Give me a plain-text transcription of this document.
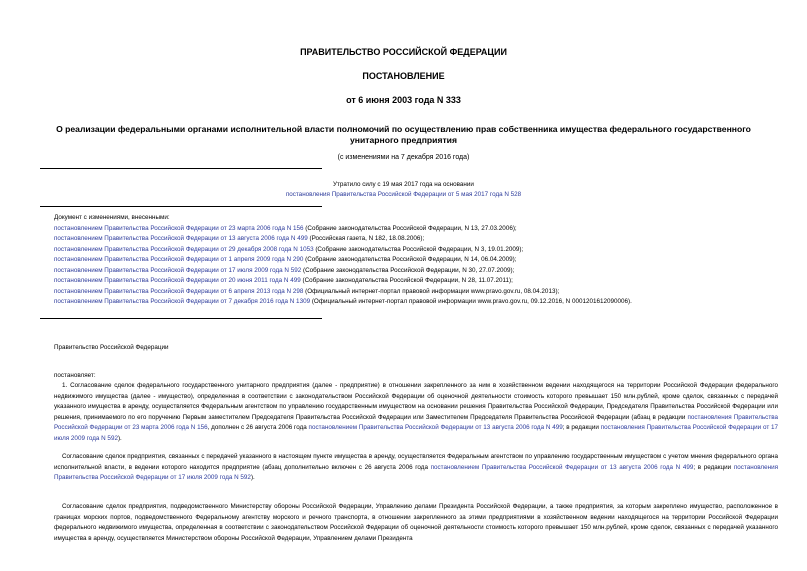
ПРАВИТЕЛЬСТВО РОССИЙСКОЙ ФЕДЕРАЦИИ
ПОСТАНОВЛЕНИЕ
от 6 июня 2003 года N 333
О реализации федеральными органами исполнительной власти полномочий по осуществлению прав собственника имущества федерального государственного унитарного предприятия
(с изменениями на 7 декабря 2016 года)
Утратило силу с 19 мая 2017 года на основании
постановления Правительства Российской Федерации от 5 мая 2017 года N 528
Документ с изменениями, внесенными:
постановлением Правительства Российской Федерации от 23 марта 2006 года N 156 (Собрание законодательства Российской Федерации, N 13, 27.03.2006);
постановлением Правительства Российской Федерации от 13 августа 2006 года N 499 (Российская газета, N 182, 18.08.2006);
постановлением Правительства Российской Федерации от 29 декабря 2008 года N 1053 (Собрание законодательства Российской Федерации, N 3, 19.01.2009);
постановлением Правительства Российской Федерации от 1 апреля 2009 года N 290 (Собрание законодательства Российской Федерации, N 14, 06.04.2009);
постановлением Правительства Российской Федерации от 17 июля 2009 года N 592 (Собрание законодательства Российской Федерации, N 30, 27.07.2009);
постановлением Правительства Российской Федерации от 20 июня 2011 года N 499 (Собрание законодательства Российской Федерации, N 28, 11.07.2011);
постановлением Правительства Российской Федерации от 6 апреля 2013 года N 298 (Официальный интернет-портал правовой информации www.pravo.gov.ru, 08.04.2013);
постановлением Правительства Российской Федерации от 7 декабря 2016 года N 1309 (Официальный интернет-портал правовой информации www.pravo.gov.ru, 09.12.2016, N 0001201612090006).
Правительство Российской Федерации
постановляет:

1. Согласование сделок федерального государственного унитарного предприятия (далее - предприятие) в отношении закрепленного за ним в хозяйственном ведении находящегося на территории Российской Федерации федерального недвижимого имущества (далее - имущество), определенная в соответствии с законодательством Российской Федерации об оценочной деятельности стоимость которого превышает 150 млн.рублей, кроме сделок, связанных с передачей указанного имущества в аренду, осуществляется Федеральным агентством по управлению государственным имуществом на основании решения Правительства Российской Федерации, Председателя Правительства Российской Федерации или решения, принимаемого по его поручению Первым заместителем Председателя Правительства Российской Федерации или Заместителем Председателя Правительства Российской Федерации (абзац в редакции постановления Правительства Российской Федерации от 23 марта 2006 года N 156, дополнен с 26 августа 2006 года постановлением Правительства Российской Федерации от 13 августа 2006 года N 499; в редакции постановления Правительства Российской Федерации от 17 июля 2009 года N 592).

Согласование сделок предприятия, связанных с передачей указанного в настоящем пункте имущества в аренду, осуществляется Федеральным агентством по управлению государственным имуществом с учетом мнения федерального органа исполнительной власти, в ведении которого находится предприятие (абзац дополнительно включен с 26 августа 2006 года постановлением Правительства Российской Федерации от 13 августа 2006 года N 499; в редакции постановления Правительства Российской Федерации от 17 июля 2009 года N 592).

Согласование сделок предприятия, подведомственного Министерству обороны Российской Федерации, Управлению делами Президента Российской Федерации, а также предприятия, за которым закреплено имущество, расположенное в границах морских портов, подведомственного Федеральному агентству морского и речного транспорта, в отношении закрепленного за этими предприятиями в хозяйственном ведении находящегося на территории Российской Федерации федерального недвижимого имущества, определенная в соответствии с законодательством Российской Федерации об оценочной деятельности стоимость которого превышает 150 млн.рублей, кроме сделок, связанных с передачей указанного имущества в аренду, осуществляется Министерством обороны Российской Федерации, Управлением делами Президента
